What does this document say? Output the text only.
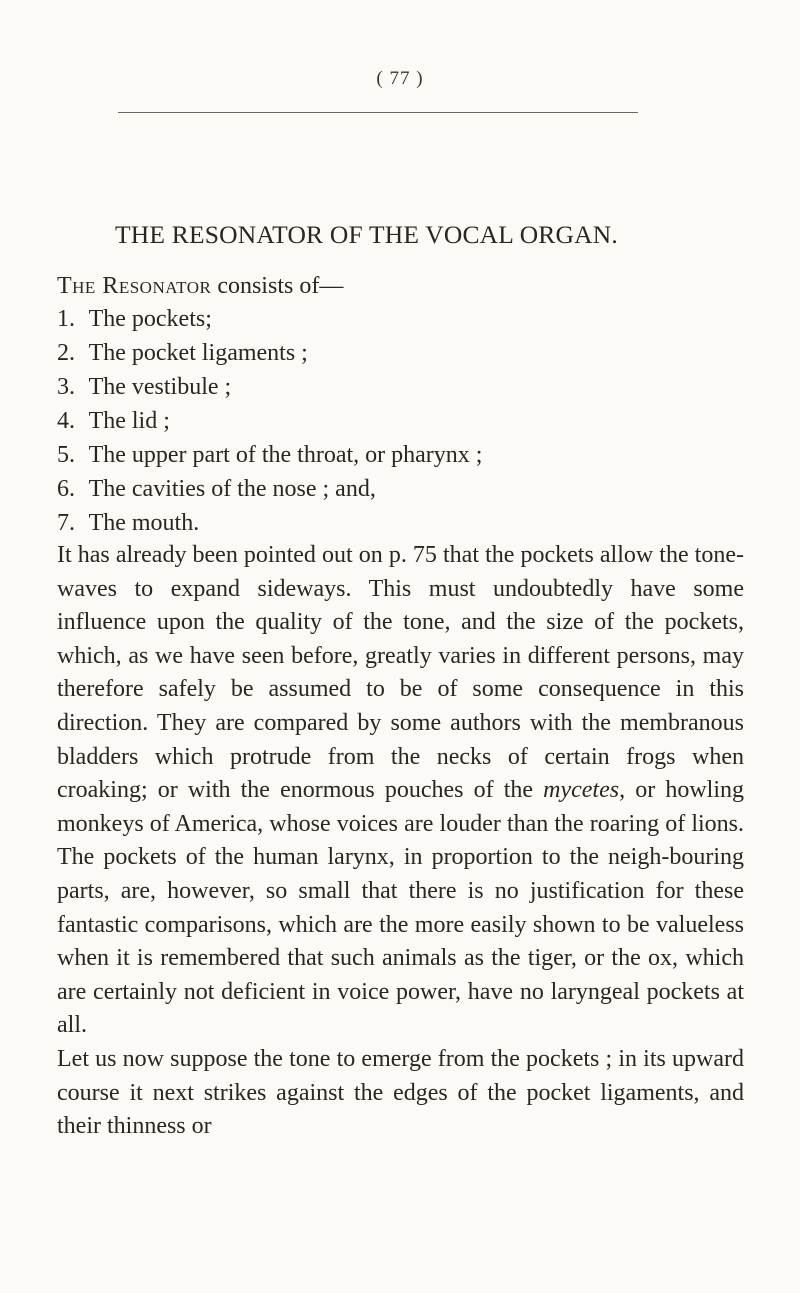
( 77 )
THE RESONATOR OF THE VOCAL ORGAN.
The Resonator consists of—
1. The pockets;
2. The pocket ligaments ;
3. The vestibule ;
4. The lid ;
5. The upper part of the throat, or pharynx ;
6. The cavities of the nose ; and,
7. The mouth.

It has already been pointed out on p. 75 that the pockets allow the tone-waves to expand sideways. This must undoubtedly have some influence upon the quality of the tone, and the size of the pockets, which, as we have seen before, greatly varies in different persons, may therefore safely be assumed to be of some consequence in this direction. They are compared by some authors with the membranous bladders which protrude from the necks of certain frogs when croaking; or with the enormous pouches of the mycetes, or howling monkeys of America, whose voices are louder than the roaring of lions. The pockets of the human larynx, in proportion to the neigh-bouring parts, are, however, so small that there is no justification for these fantastic comparisons, which are the more easily shown to be valueless when it is remembered that such animals as the tiger, or the ox, which are certainly not deficient in voice power, have no laryngeal pockets at all.

Let us now suppose the tone to emerge from the pockets ; in its upward course it next strikes against the edges of the pocket ligaments, and their thinness or
